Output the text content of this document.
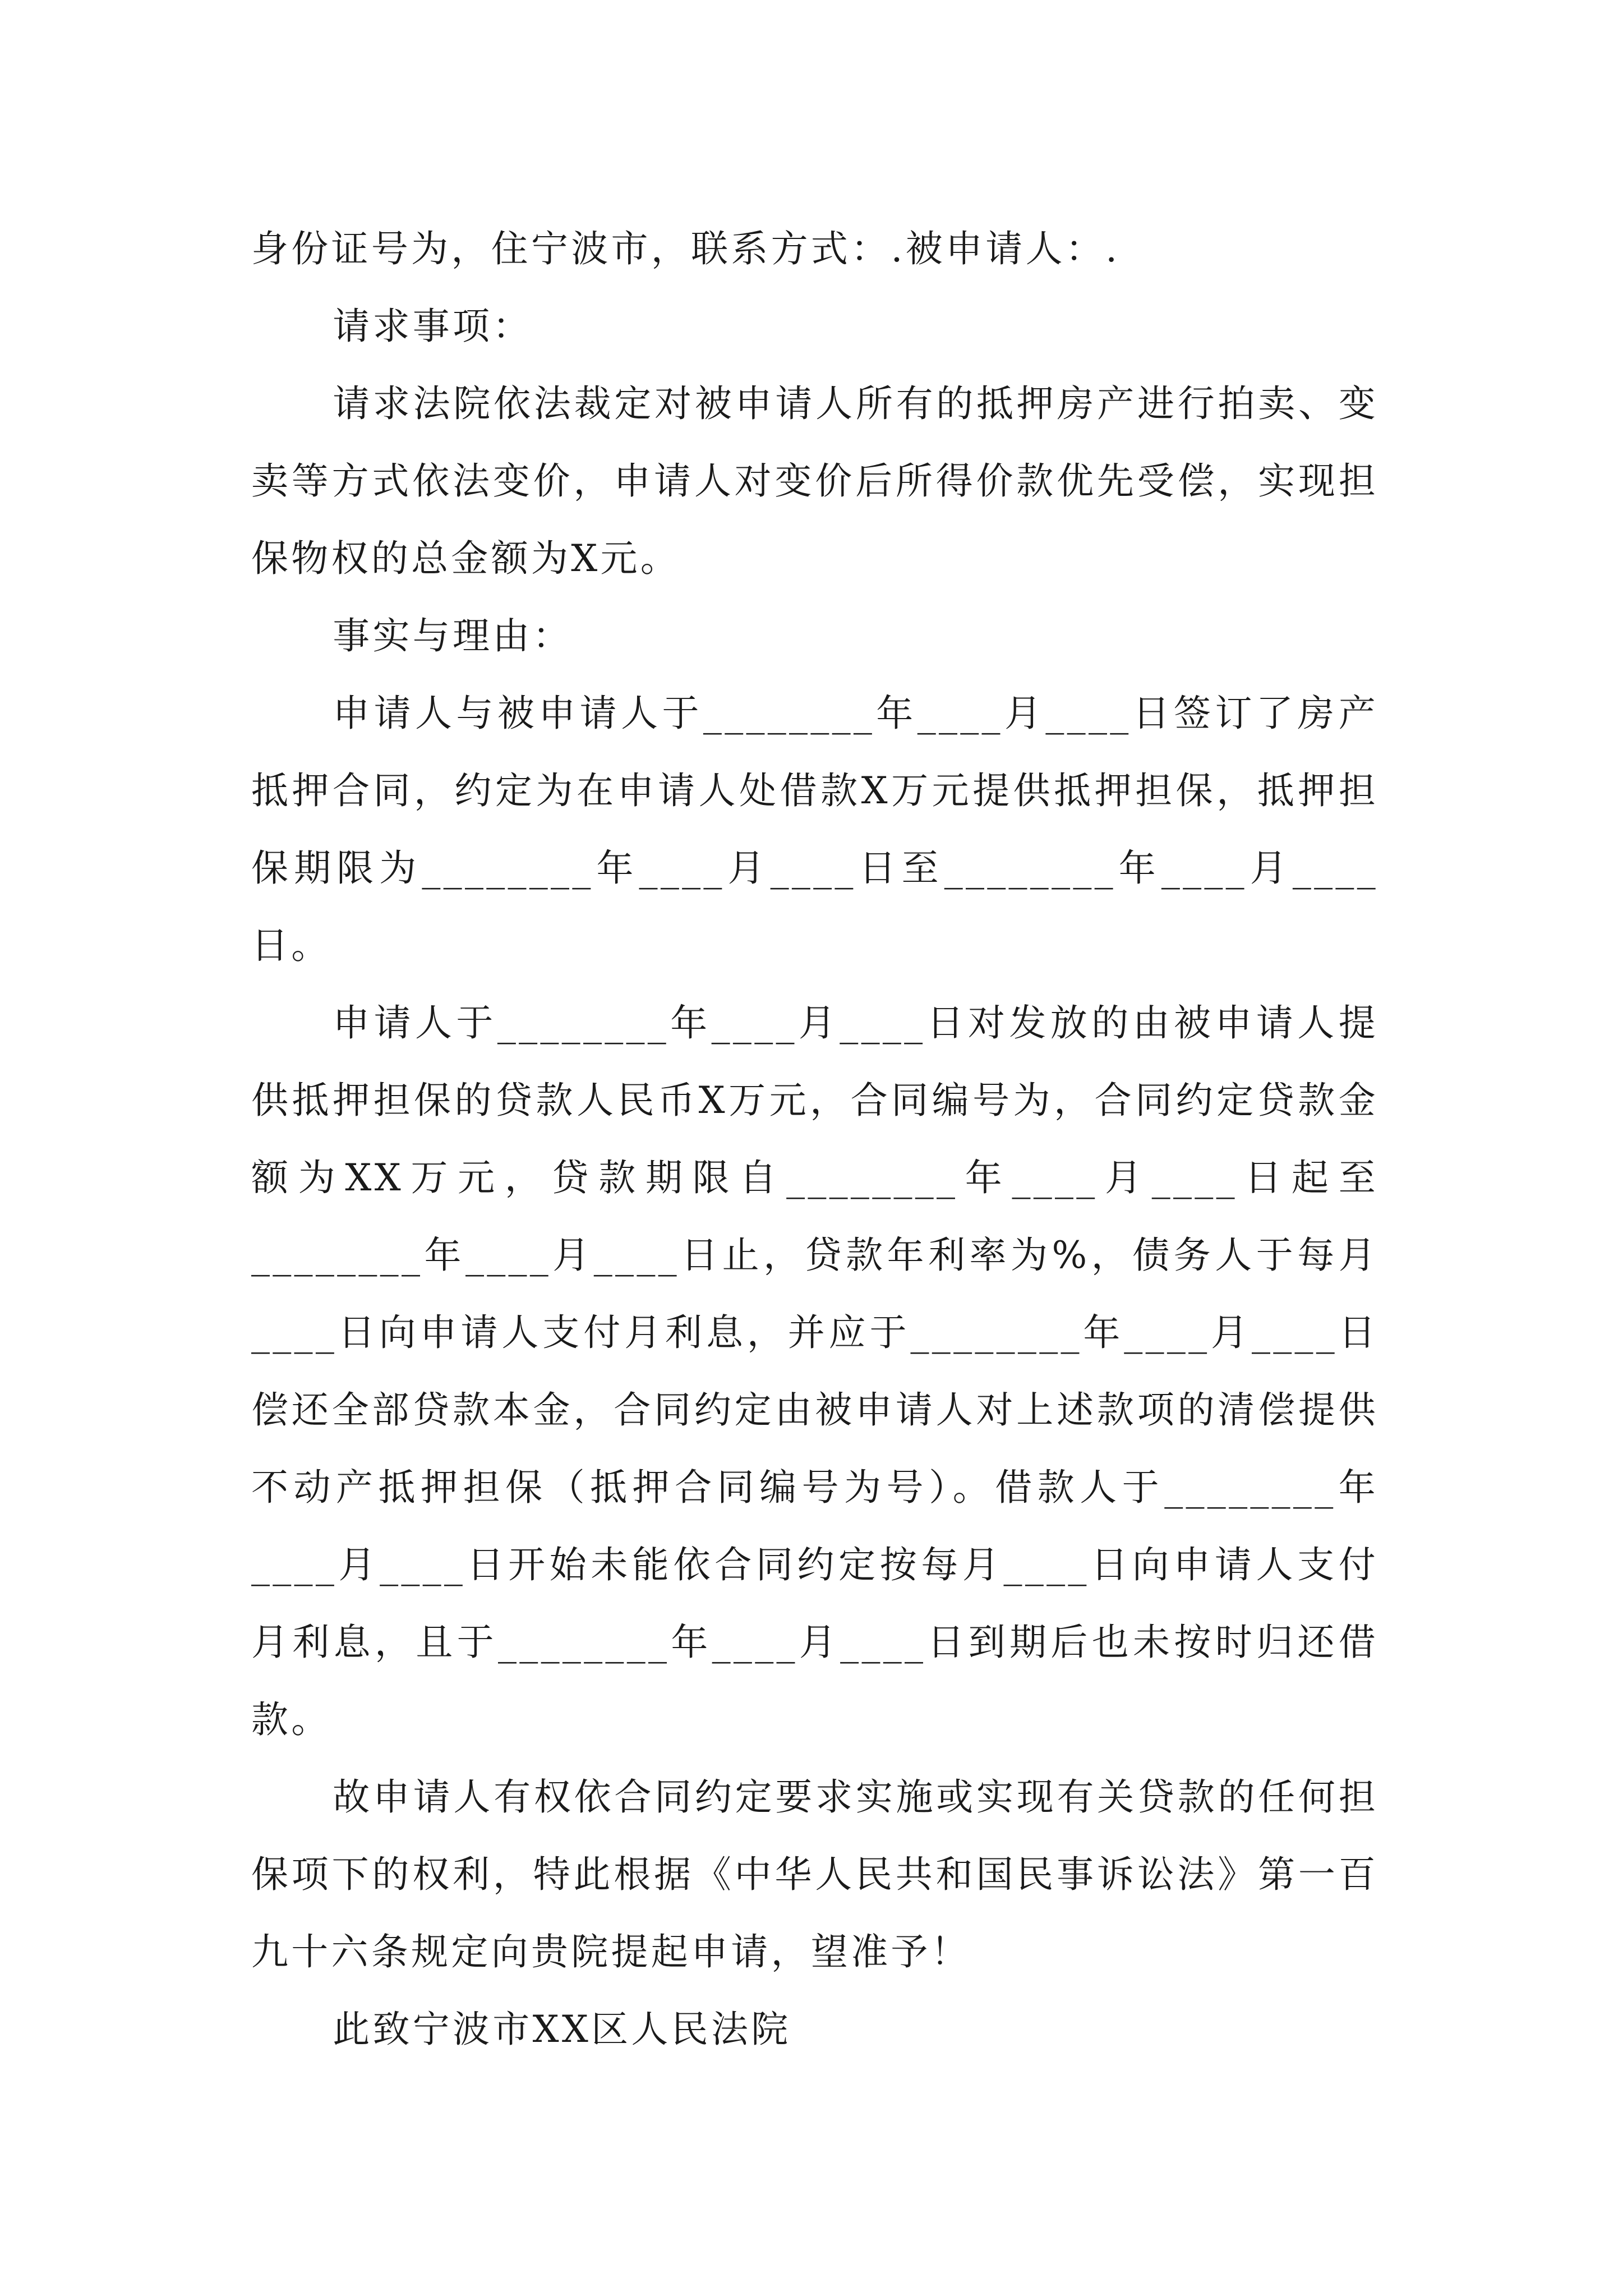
身份证号为，住宁波市，联系方式：.被申请人：.

请求事项：

请求法院依法裁定对被申请人所有的抵押房产进行拍卖、变卖等方式依法变价，申请人对变价后所得价款优先受偿，实现担保物权的总金额为X元。

事实与理由：

申请人与被申请人于________年____月____日签订了房产抵押合同，约定为在申请人处借款X万元提供抵押担保，抵押担保期限为________年____月____日至________年____月____日。

申请人于________年____月____日对发放的由被申请人提供抵押担保的贷款人民币X万元，合同编号为，合同约定贷款金额为XX万元，贷款期限自________年____月____日起至________年____月____日止，贷款年利率为%，债务人于每月____日向申请人支付月利息，并应于________年____月____日偿还全部贷款本金，合同约定由被申请人对上述款项的清偿提供不动产抵押担保（抵押合同编号为号）。借款人于________年____月____日开始未能依合同约定按每月____日向申请人支付月利息，且于________年____月____日到期后也未按时归还借款。

故申请人有权依合同约定要求实施或实现有关贷款的任何担保项下的权利，特此根据《中华人民共和国民事诉讼法》第一百九十六条规定向贵院提起申请，望准予！

此致宁波市XX区人民法院
